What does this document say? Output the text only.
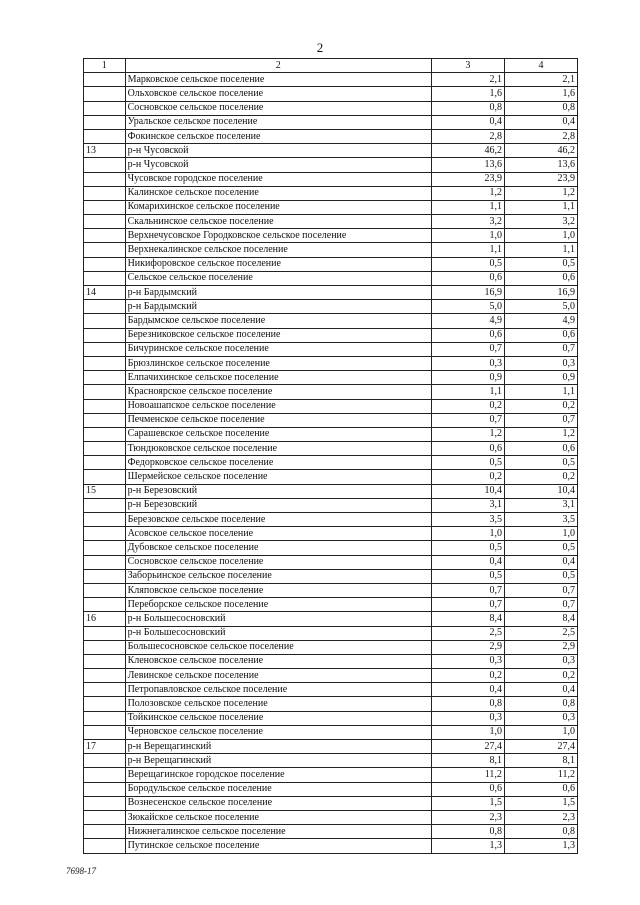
2
1	2	3	4
	Марковское сельское поселение	2,1	2,1
	Ольховское сельское поселение	1,6	1,6
	Сосновское сельское поселение	0,8	0,8
	Уральское сельское поселение	0,4	0,4
	Фокинское сельское поселение	2,8	2,8
13	р-н Чусовской	46,2	46,2
	р-н Чусовской	13,6	13,6
	Чусовское городское поселение	23,9	23,9
	Калинское сельское поселение	1,2	1,2
	Комарихинское сельское поселение	1,1	1,1
	Скальнинское сельское поселение	3,2	3,2
	Верхнечусовское Городковское сельское поселение	1,0	1,0
	Верхнекалинское сельское поселение	1,1	1,1
	Никифоровское сельское поселение	0,5	0,5
	Сельское сельское поселение	0,6	0,6
14	р-н Бардымский	16,9	16,9
	р-н Бардымский	5,0	5,0
	Бардымское сельское поселение	4,9	4,9
	Березниковское сельское поселение	0,6	0,6
	Бичуринское сельское поселение	0,7	0,7
	Брюзлинское сельское поселение	0,3	0,3
	Елпачихинское сельское поселение	0,9	0,9
	Красноярское сельское поселение	1,1	1,1
	Новоашапское сельское поселение	0,2	0,2
	Печменское сельское поселение	0,7	0,7
	Сарашевское сельское поселение	1,2	1,2
	Тюндюковское сельское поселение	0,6	0,6
	Федорковское сельское поселение	0,5	0,5
	Шермейское сельское поселение	0,2	0,2
15	р-н Березовский	10,4	10,4
	р-н Березовский	3,1	3,1
	Березовское сельское поселение	3,5	3,5
	Асовское сельское поселение	1,0	1,0
	Дубовское сельское поселение	0,5	0,5
	Сосновское сельское поселение	0,4	0,4
	Заборьинское сельское поселение	0,5	0,5
	Кляповское сельское поселение	0,7	0,7
	Переборское сельское поселение	0,7	0,7
16	р-н Большесосновский	8,4	8,4
	р-н Большесосновский	2,5	2,5
	Большесосновское сельское поселение	2,9	2,9
	Кленовское сельское поселение	0,3	0,3
	Левинское сельское поселение	0,2	0,2
	Петропавловское сельское поселение	0,4	0,4
	Полозовское сельское поселение	0,8	0,8
	Тойкинское сельское поселение	0,3	0,3
	Черновское сельское поселение	1,0	1,0
17	р-н Верещагинский	27,4	27,4
	р-н Верещагинский	8,1	8,1
	Верещагинское городское поселение	11,2	11,2
	Бородульское сельское поселение	0,6	0,6
	Вознесенское сельское поселение	1,5	1,5
	Зюкайское сельское поселение	2,3	2,3
	Нижнегалинское сельское поселение	0,8	0,8
	Путинское сельское поселение	1,3	1,3
7698-17
